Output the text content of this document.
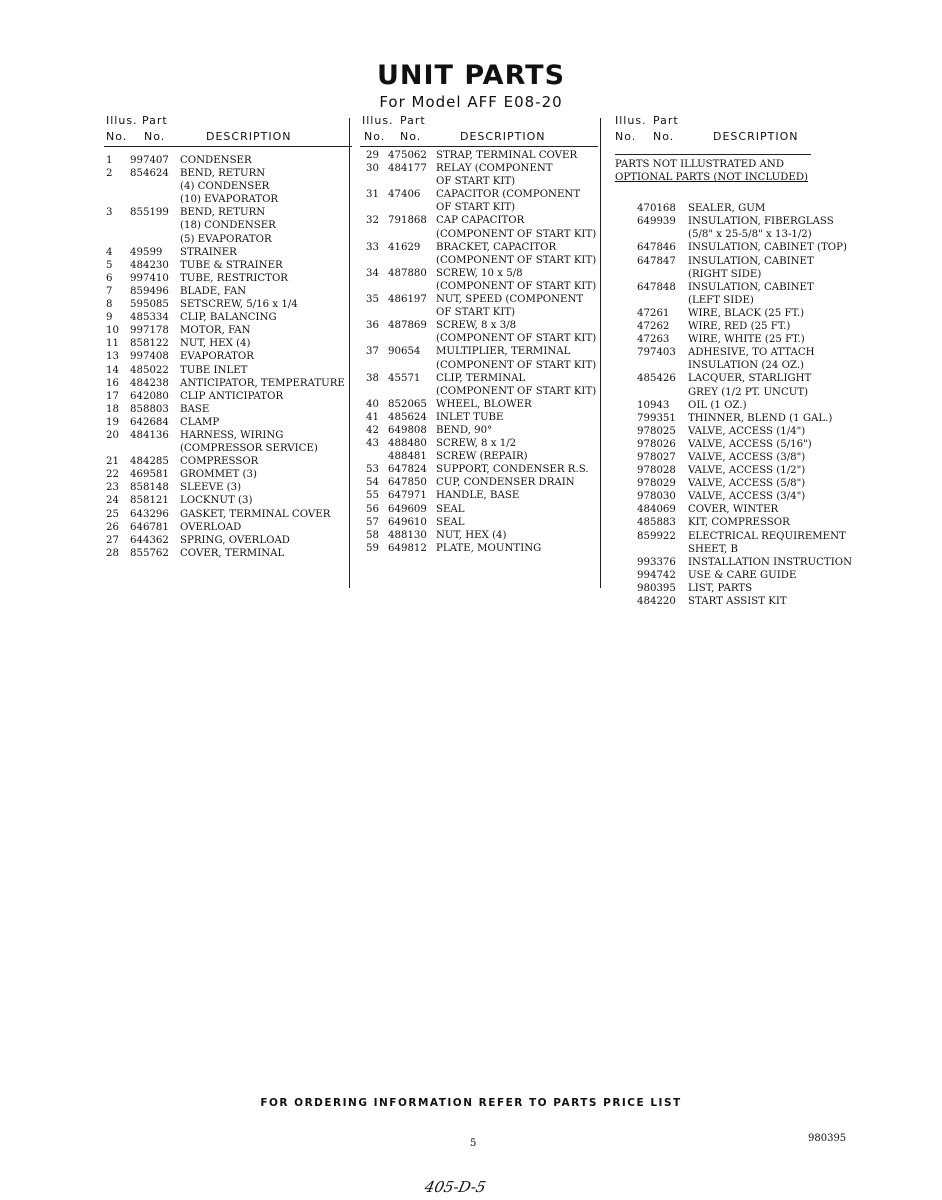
UNIT PARTS
For Model AFF E08-20
Illus. Part
No. No.	DESCRIPTION
1 997407 CONDENSER
2 854624 BEND, RETURN
(4) CONDENSER
(10) EVAPORATOR
3 855199 BEND, RETURN
(18) CONDENSER
(5) EVAPORATOR
4 49599 STRAINER
5 484230 TUBE & STRAINER
6 997410 TUBE, RESTRICTOR
7 859496 BLADE, FAN
8 595085 SETSCREW, 5/16 x 1/4
9 485334 CLIP, BALANCING
10 997178 MOTOR, FAN
11 858122 NUT, HEX (4)
13 997408 EVAPORATOR
14 485022 TUBE INLET
16 484238 ANTICIPATOR, TEMPERATURE
17 642080 CLIP ANTICIPATOR
18 858803 BASE
19 642684 CLAMP
20 484136 HARNESS, WIRING
(COMPRESSOR SERVICE)
21 484285 COMPRESSOR
22 469581 GROMMET (3)
23 858148 SLEEVE (3)
24 858121 LOCKNUT (3)
25 643296 GASKET, TERMINAL COVER
26 646781 OVERLOAD
27 644362 SPRING, OVERLOAD
28 855762 COVER, TERMINAL
Illus. Part
No. No.	DESCRIPTION
29 475062 STRAP, TERMINAL COVER
30 484177 RELAY (COMPONENT
OF START KIT)
31 47406 CAPACITOR (COMPONENT
OF START KIT)
32 791868 CAP CAPACITOR
(COMPONENT OF START KIT)
33 41629 BRACKET, CAPACITOR
(COMPONENT OF START KIT)
34 487880 SCREW, 10 x 5/8
(COMPONENT OF START KIT)
35 486197 NUT, SPEED (COMPONENT
OF START KIT)
36 487869 SCREW, 8 x 3/8
(COMPONENT OF START KIT)
37 90654 MULTIPLIER, TERMINAL
(COMPONENT OF START KIT)
38 45571 CLIP, TERMINAL
(COMPONENT OF START KIT)
40 852065 WHEEL, BLOWER
41 485624 INLET TUBE
42 649808 BEND, 90°
43 488480 SCREW, 8 x 1/2
488481 SCREW (REPAIR)
53 647824 SUPPORT, CONDENSER R.S.
54 647850 CUP, CONDENSER DRAIN
55 647971 HANDLE, BASE
56 649609 SEAL
57 649610 SEAL
58 488130 NUT, HEX (4)
59 649812 PLATE, MOUNTING
Illus. Part
No. No.	DESCRIPTION
PARTS NOT ILLUSTRATED AND
OPTIONAL PARTS (NOT INCLUDED)
470168 SEALER, GUM
649939 INSULATION, FIBERGLASS
(5/8" x 25-5/8" x 13-1/2)
647846 INSULATION, CABINET (TOP)
647847 INSULATION, CABINET
(RIGHT SIDE)
647848 INSULATION, CABINET
(LEFT SIDE)
47261 WIRE, BLACK (25 FT.)
47262 WIRE, RED (25 FT.)
47263 WIRE, WHITE (25 FT.)
797403 ADHESIVE, TO ATTACH
INSULATION (24 OZ.)
485426 LACQUER, STARLIGHT
GREY (1/2 PT. UNCUT)
10943 OIL (1 OZ.)
799351 THINNER, BLEND (1 GAL.)
978025 VALVE, ACCESS (1/4")
978026 VALVE, ACCESS (5/16")
978027 VALVE, ACCESS (3/8")
978028 VALVE, ACCESS (1/2")
978029 VALVE, ACCESS (5/8")
978030 VALVE, ACCESS (3/4")
484069 COVER, WINTER
485883 KIT, COMPRESSOR
859922 ELECTRICAL REQUIREMENT
SHEET, B
993376 INSTALLATION INSTRUCTION
994742 USE & CARE GUIDE
980395 LIST, PARTS
484220 START ASSIST KIT
FOR ORDERING INFORMATION REFER TO PARTS PRICE LIST
5	980395
405-D-5
